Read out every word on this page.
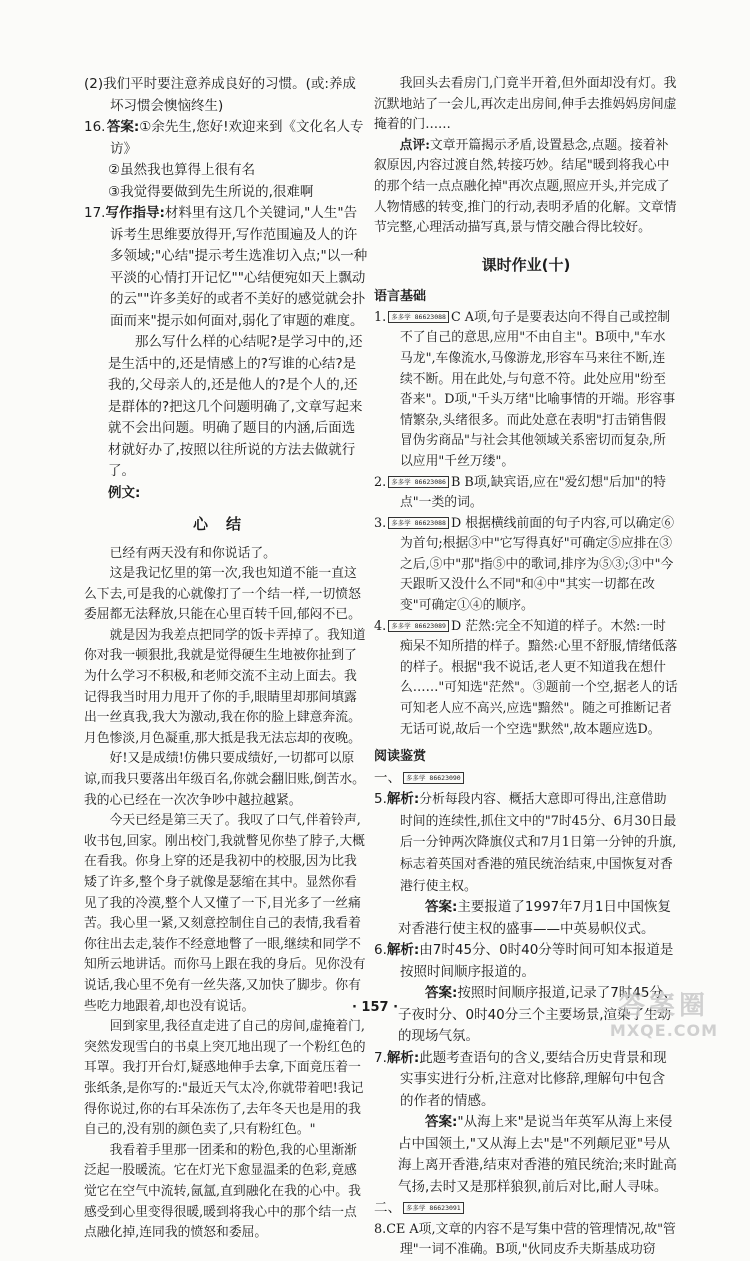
(2)我们平时要注意养成良好的习惯。(或:养成坏习惯会懊恼终生)

16. 答案:①余先生,您好!欢迎来到《文化名人专访》

②虽然我也算得上很有名

③我觉得要做到先生所说的,很难啊

17.写作指导:材料里有这几个关键词,"人生"告诉考生思维要放得开,写作范围遍及人的许多领域;"心结"提示考生选准切入点;"以一种平淡的心情打开记忆""心结便宛如天上飘动的云""许多美好的或者不美好的感觉就会扑面而来"提示如何面对,弱化了审题的难度。

那么写什么样的心结呢?是学习中的,还是生活中的,还是情感上的?写谁的心结?是我的,父母亲人的,还是他人的?是个人的,还是群体的?把这几个问题明确了,文章写起来就不会出问题。明确了题目的内涵,后面选材就好办了,按照以往所说的方法去做就行了。

例文:

心结

已经有两天没有和你说话了。

这是我记忆里的第一次,我也知道不能一直这么下去,可是我的心就像打了一个结一样,一切愤怒委屈都无法释放,只能在心里百转千回,郁闷不已。

就是因为我差点把同学的饭卡弄掉了。我知道你对我一顿狠批,我就是觉得硬生生地被你扯到了为什么学习不积极,和老师交流不主动上面去。我记得我当时用力甩开了你的手,眼睛里却那间填露出一丝真我,我大为激动,我在你的脸上肆意奔流。月色惨淡,月色凝重,那大抵是我无法忘却的夜晚。

好!又是成绩!仿佛只要成绩好,一切都可以原谅,而我只要落出年级百名,你就会翻旧账,倒苦水。我的心已经在一次次争吵中越拉越紧。

今天已经是第三天了。我叹了口气,伴着铃声,收书包,回家。刚出校门,我就瞥见你垫了脖子,大概在看我。你身上穿的还是我初中的校服,因为比我矮了许多,整个身子就像是瑟缩在其中。显然你看见了我的冷漠,整个人又懂了一下,目光多了一丝痛苦。我心里一紧,又刻意控制住自己的表情,我看着你往出去走,装作不经意地瞥了一眼,继续和同学不知所云地讲话。而你马上跟在我的身后。见你没有说话,我心里不免有一丝失落,又加快了脚步。你有些吃力地跟着,却也没有说话。

回到家里,我径直走进了自己的房间,虚掩着门,突然发现雪白的书桌上突兀地出现了一个粉红色的耳罩。我打开台灯,疑惑地伸手去拿,下面竟压着一张纸条,是你写的:"最近天气太冷,你就带着吧!我记得你说过,你的右耳朵冻伤了,去年冬天也是用的我自己的,没有别的颜色卖了,只有粉红色。"

我看着手里那一团柔和的粉色,我的心里渐渐泛起一股暖流。它在灯光下愈显温柔的色彩,竟感觉它在空气中流转,氤氲,直到融化在我的心中。我感受到心里变得很暖,暖到将我心中的那个结一点点融化掉,连同我的愤怒和委屈。

我回头去看房门,门竟半开着,但外面却没有灯。我沉默地站了一会儿,再次走出房间,伸手去推妈妈房间虚掩着的门……

点评:文章开篇揭示矛盾,设置悬念,点题。接着补叙原因,内容过渡自然,转接巧妙。结尾"暖到将我心中的那个结一点点融化掉"再次点题,照应开头,并完成了人物情感的转变,推门的行动,表明矛盾的化解。文章情节完整,心理活动描写真,景与情交融合得比较好。

课时作业(十)
语言基础

1. 多多学 86623088 C A项,句子是要表达向不得自己或控制不了自己的意思,应用"不由自主"。B项中,"车水马龙",车像流水,马像游龙,形容车马来往不断,连续不断。用在此处,与句意不符。此处应用"纷至沓来"。D项,"千头万绪"比喻事情的开端。形容事情繁杂,头绪很多。而此处意在表明"打击销售假冒伪劣商品"与社会其他领域关系密切而复杂,所以应用"千丝万缕"。

2. 多多学 86623086 B B项,缺宾语,应在"爱幻想"后加"的特点"一类的词。

3. 多多学 86623088 D 根据横线前面的句子内容,可以确定⑥为首句;根据③中"它写得真好"可确定⑤应排在③之后,⑤中"那"指⑤中的歌词,排序为⑤③;③中"今天跟昕又没什么不同"和④中"其实一切都在改变"可确定①④的顺序。

4. 多多学 86623089 D 茫然:完全不知道的样子。木然:一时痴呆不知所措的样子。黯然:心里不舒服,情绪低落的样子。根据"我不说话,老人更不知道我在想什么……"可知选"茫然"。③题前一个空,据老人的话可知老人应不高兴,应选"黯然"。随之可推断记者无话可说,故后一个空选"默然",故本题应选D。

阅读鉴赏

一、 多多学 86623090

5.解析:分析每段内容、概括大意即可得出,注意借助时间的连续性,抓住文中的"7时45分、6月30日最后一分钟两次降旗仪式和7月1日第一分钟的升旗,标志着英国对香港的殖民统治结束,中国恢复对香港行使主权。

答案:主要报道了1997年7月1日中国恢复对香港行使主权的盛事——中英易帜仪式。

6.解析:由7时45分、0时40分等时间可知本报道是按照时间顺序报道的。

答案:按照时间顺序报道,记录了7时45分、子夜时分、0时40分三个主要场景,渲染了生动的现场气氛。

7.解析:此题考查语句的含义,要结合历史背景和现实事实进行分析,注意对比修辞,理解句中包含的作者的情感。

答案:"从海上来"是说当年英军从海上来侵占中国领土,"又从海上去"是"不列颠尼亚"号从海上离开香港,结束对香港的殖民统治;来时趾高气扬,去时又是那样狼狈,前后对比,耐人寻味。

二、 多多学 86623091

8.CE A项,文章的内容不是写集中营的管理情况,故"管理"一词不准确。B项,"伙同皮乔夫斯基成功窃

· 157 ·	答案圈
MXQE.COM
